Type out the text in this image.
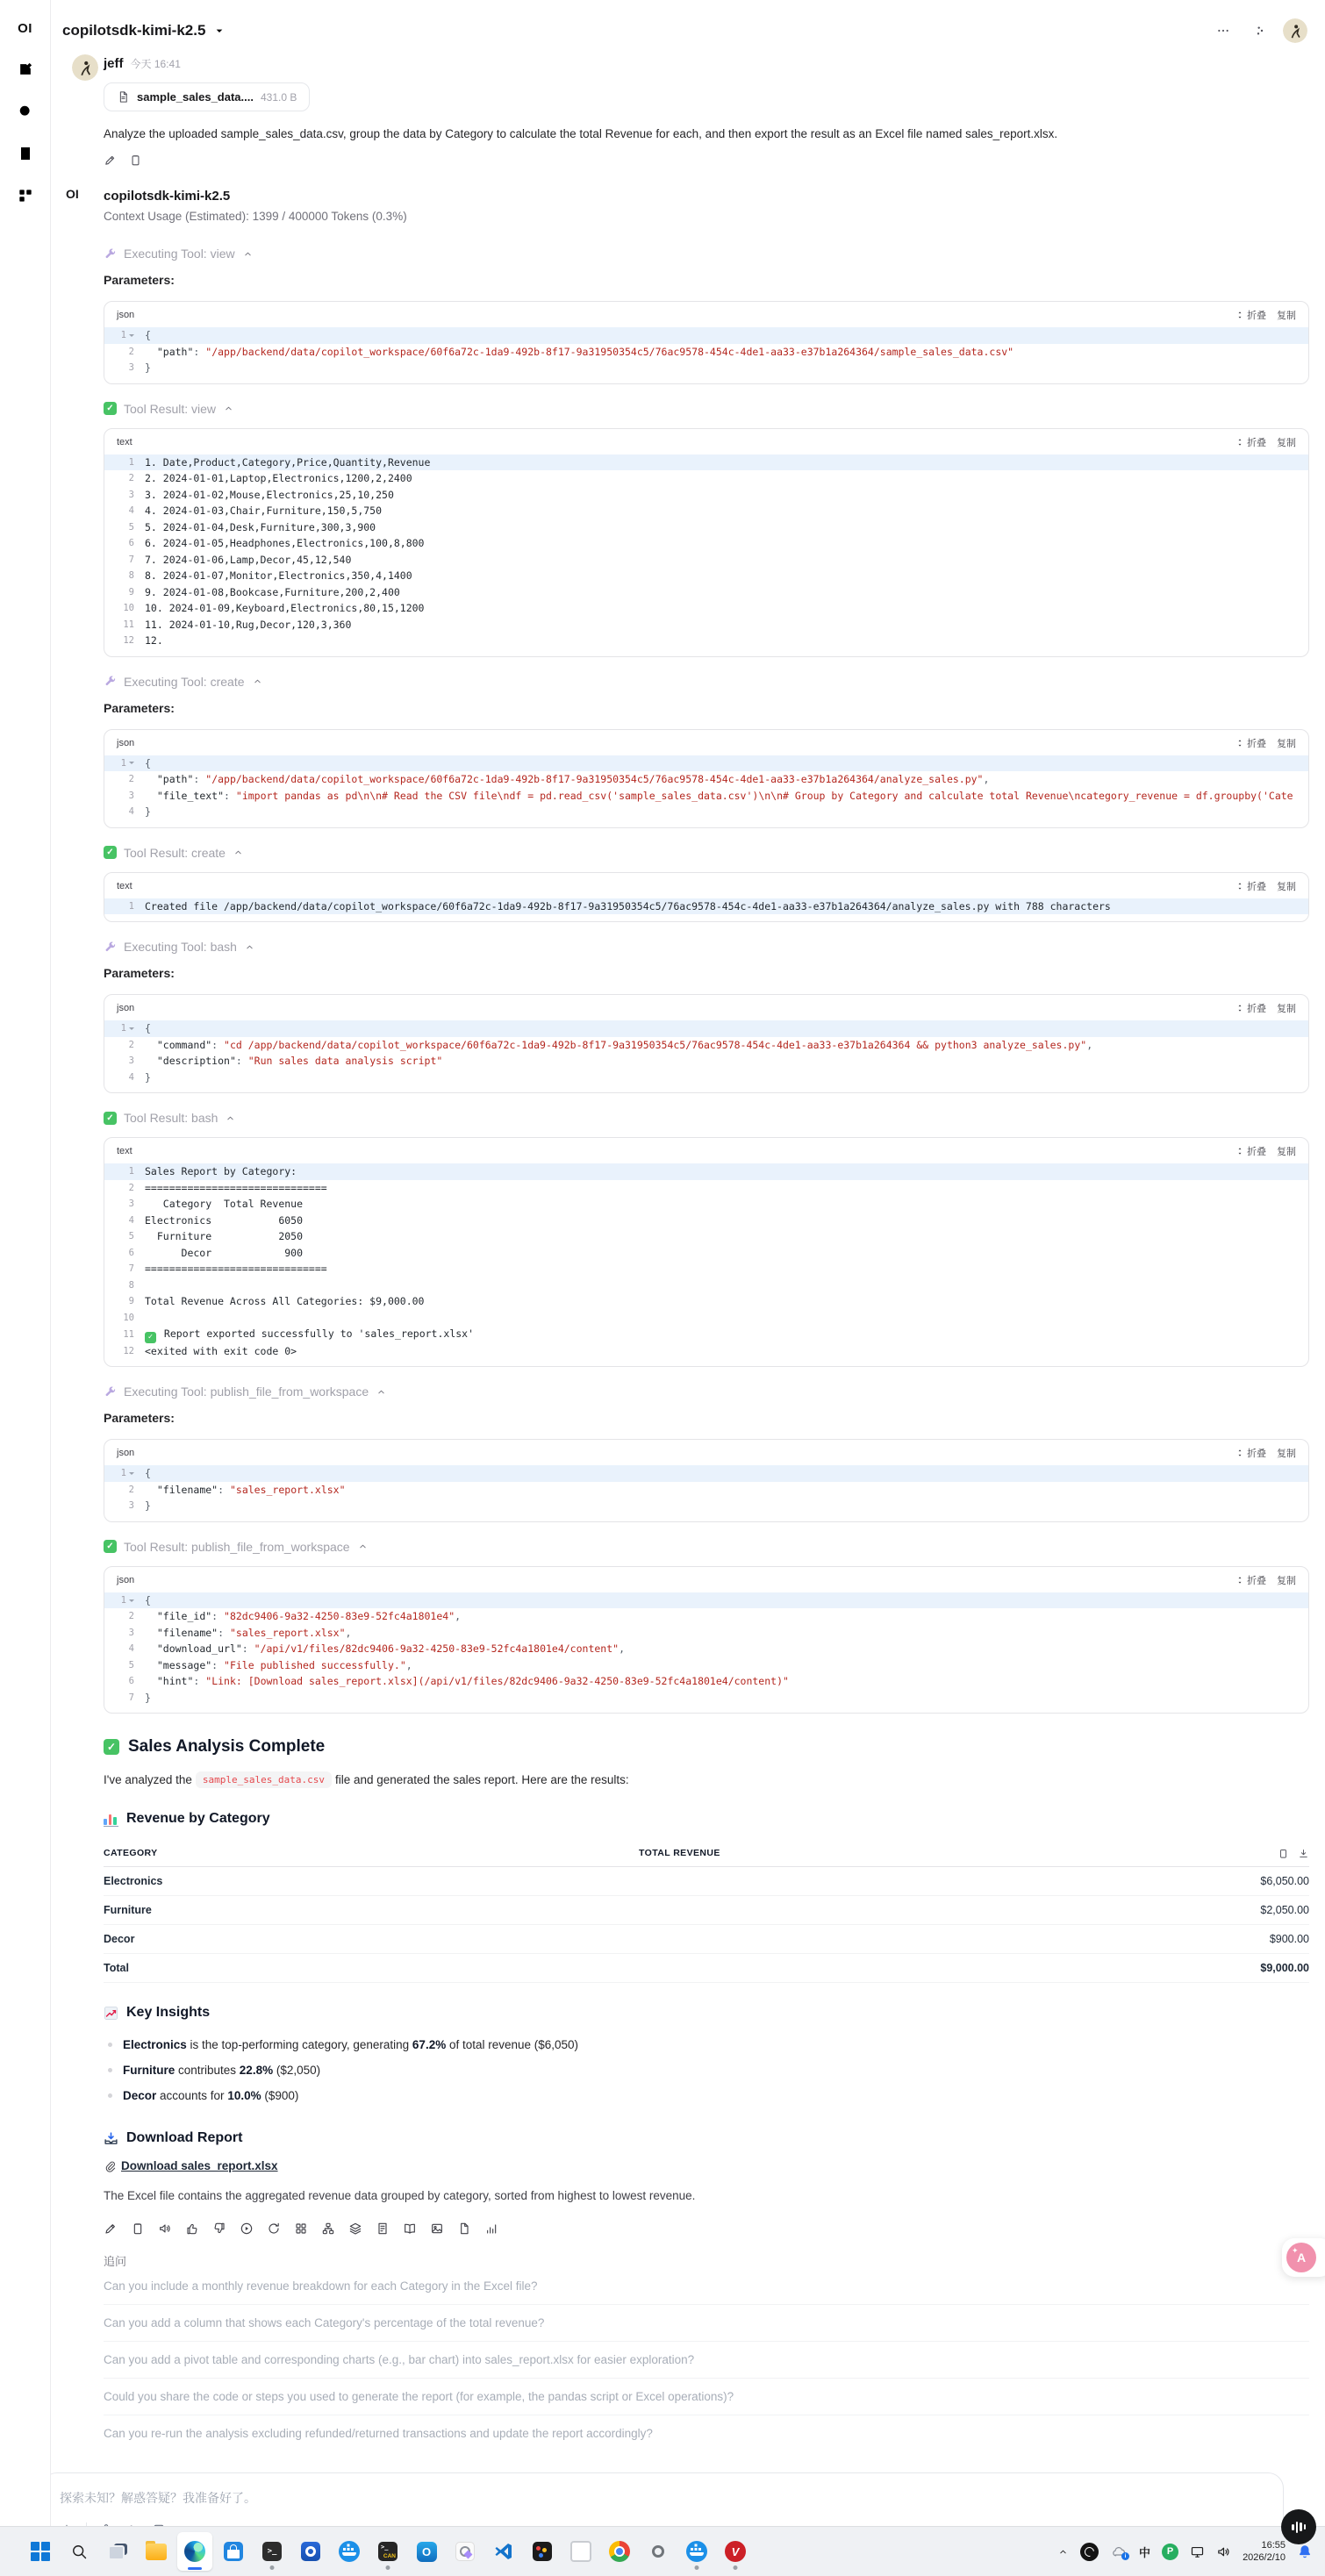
OI copilotsdk-kimi-k2.5
jeff 今天 16:41
sample_sales_data.... 431.0 B
Analyze the uploaded sample_sales_data.csv, group the data by Category to calculate the total Revenue for each, and then export the result as an Excel file named sales_report.xlsx.
OI copilotsdk-kimi-k2.5
Context Usage (Estimated): 1399 / 400000 Tokens (0.3%)
Executing Tool: view
Parameters:
json	折叠 复制
1	{
2	"path": "/app/backend/data/copilot_workspace/60f6a72c-1da9-492b-8f17-9a31950354c5/76ac9578-454c-4de1-aa33-e37b1a264364/sample_sales_data.csv"
3	}
✓ Tool Result: view
text	折叠 复制
1	1. Date,Product,Category,Price,Quantity,Revenue
2	2. 2024-01-01,Laptop,Electronics,1200,2,2400
3	3. 2024-01-02,Mouse,Electronics,25,10,250
4	4. 2024-01-03,Chair,Furniture,150,5,750
5	5. 2024-01-04,Desk,Furniture,300,3,900
6	6. 2024-01-05,Headphones,Electronics,100,8,800
7	7. 2024-01-06,Lamp,Decor,45,12,540
8	8. 2024-01-07,Monitor,Electronics,350,4,1400
9	9. 2024-01-08,Bookcase,Furniture,200,2,400
10	10. 2024-01-09,Keyboard,Electronics,80,15,1200
11	11. 2024-01-10,Rug,Decor,120,3,360
12	12.
Executing Tool: create
Parameters:
json	折叠 复制
1	{
2	"path": "/app/backend/data/copilot_workspace/60f6a72c-1da9-492b-8f17-9a31950354c5/76ac9578-454c-4de1-aa33-e37b1a264364/analyze_sales.py",
3	"file_text": "import pandas as pd\n\n# Read the CSV file\ndf = pd.read_csv('sample_sales_data.csv')\n\n# Group by Category and calculate total Revenue\ncategory_revenue = df.groupby('Cate
4	}
✓ Tool Result: create
text	折叠 复制
1	Created file /app/backend/data/copilot_workspace/60f6a72c-1da9-492b-8f17-9a31950354c5/76ac9578-454c-4de1-aa33-e37b1a264364/analyze_sales.py with 788 characters
Executing Tool: bash
Parameters:
json	折叠 复制
1	{
2	"command": "cd /app/backend/data/copilot_workspace/60f6a72c-1da9-492b-8f17-9a31950354c5/76ac9578-454c-4de1-aa33-e37b1a264364 && python3 analyze_sales.py",
3	"description": "Run sales data analysis script"
4	}
✓ Tool Result: bash
text	折叠 复制
1	Sales Report by Category:
2	==============================
3	Category  Total Revenue
4	Electronics           6050
5	Furniture           2050
6	Decor            900
7	==============================
8
9	Total Revenue Across All Categories: $9,000.00
10
11	✓ Report exported successfully to 'sales_report.xlsx'
12	<exited with exit code 0>
Executing Tool: publish_file_from_workspace
Parameters:
json	折叠 复制
1	{
2	"filename": "sales_report.xlsx"
3	}
✓ Tool Result: publish_file_from_workspace
json	折叠 复制
1	{
2	"file_id": "82dc9406-9a32-4250-83e9-52fc4a1801e4",
3	"filename": "sales_report.xlsx",
4	"download_url": "/api/v1/files/82dc9406-9a32-4250-83e9-52fc4a1801e4/content",
5	"message": "File published successfully.",
6	"hint": "Link: [Download sales_report.xlsx](/api/v1/files/82dc9406-9a32-4250-83e9-52fc4a1801e4/content)"
7	}
✓ Sales Analysis Complete

I've analyzed the	sample_sales_data.csv file and generated the sales report. Here are the results:

Revenue by Category
CATEGORY	TOTAL REVENUE
Electronics	$6,050.00
Furniture	$2,050.00
Decor	$900.00
Total	$9,000.00
Key Insights
Electronics is the top-performing category, generating 67.2% of total revenue ($6,050)
Furniture contributes 22.8% ($2,050)
Decor accounts for 10.0% ($900)
Download Report
Download sales_report.xlsx

The Excel file contains the aggregated revenue data grouped by category, sorted from highest to lowest revenue.

追问
Can you include a monthly revenue breakdown for each Category in the Excel file?
Can you add a column that shows each Category's percentage of the total revenue?
Can you add a pivot table and corresponding charts (e.g., bar chart) into sales_report.xlsx for easier exploration?
Could you share the code or steps you used to generate the report (for example, the pandas script or Excel operations)?
Can you re-run the analysis excluding refunded/returned transactions and update the report accordingly?
✦
A
探索未知？解惑答疑？我准备好了。
>_
>_ CAN	O	V	i 中	P
16:55
2026/2/10
